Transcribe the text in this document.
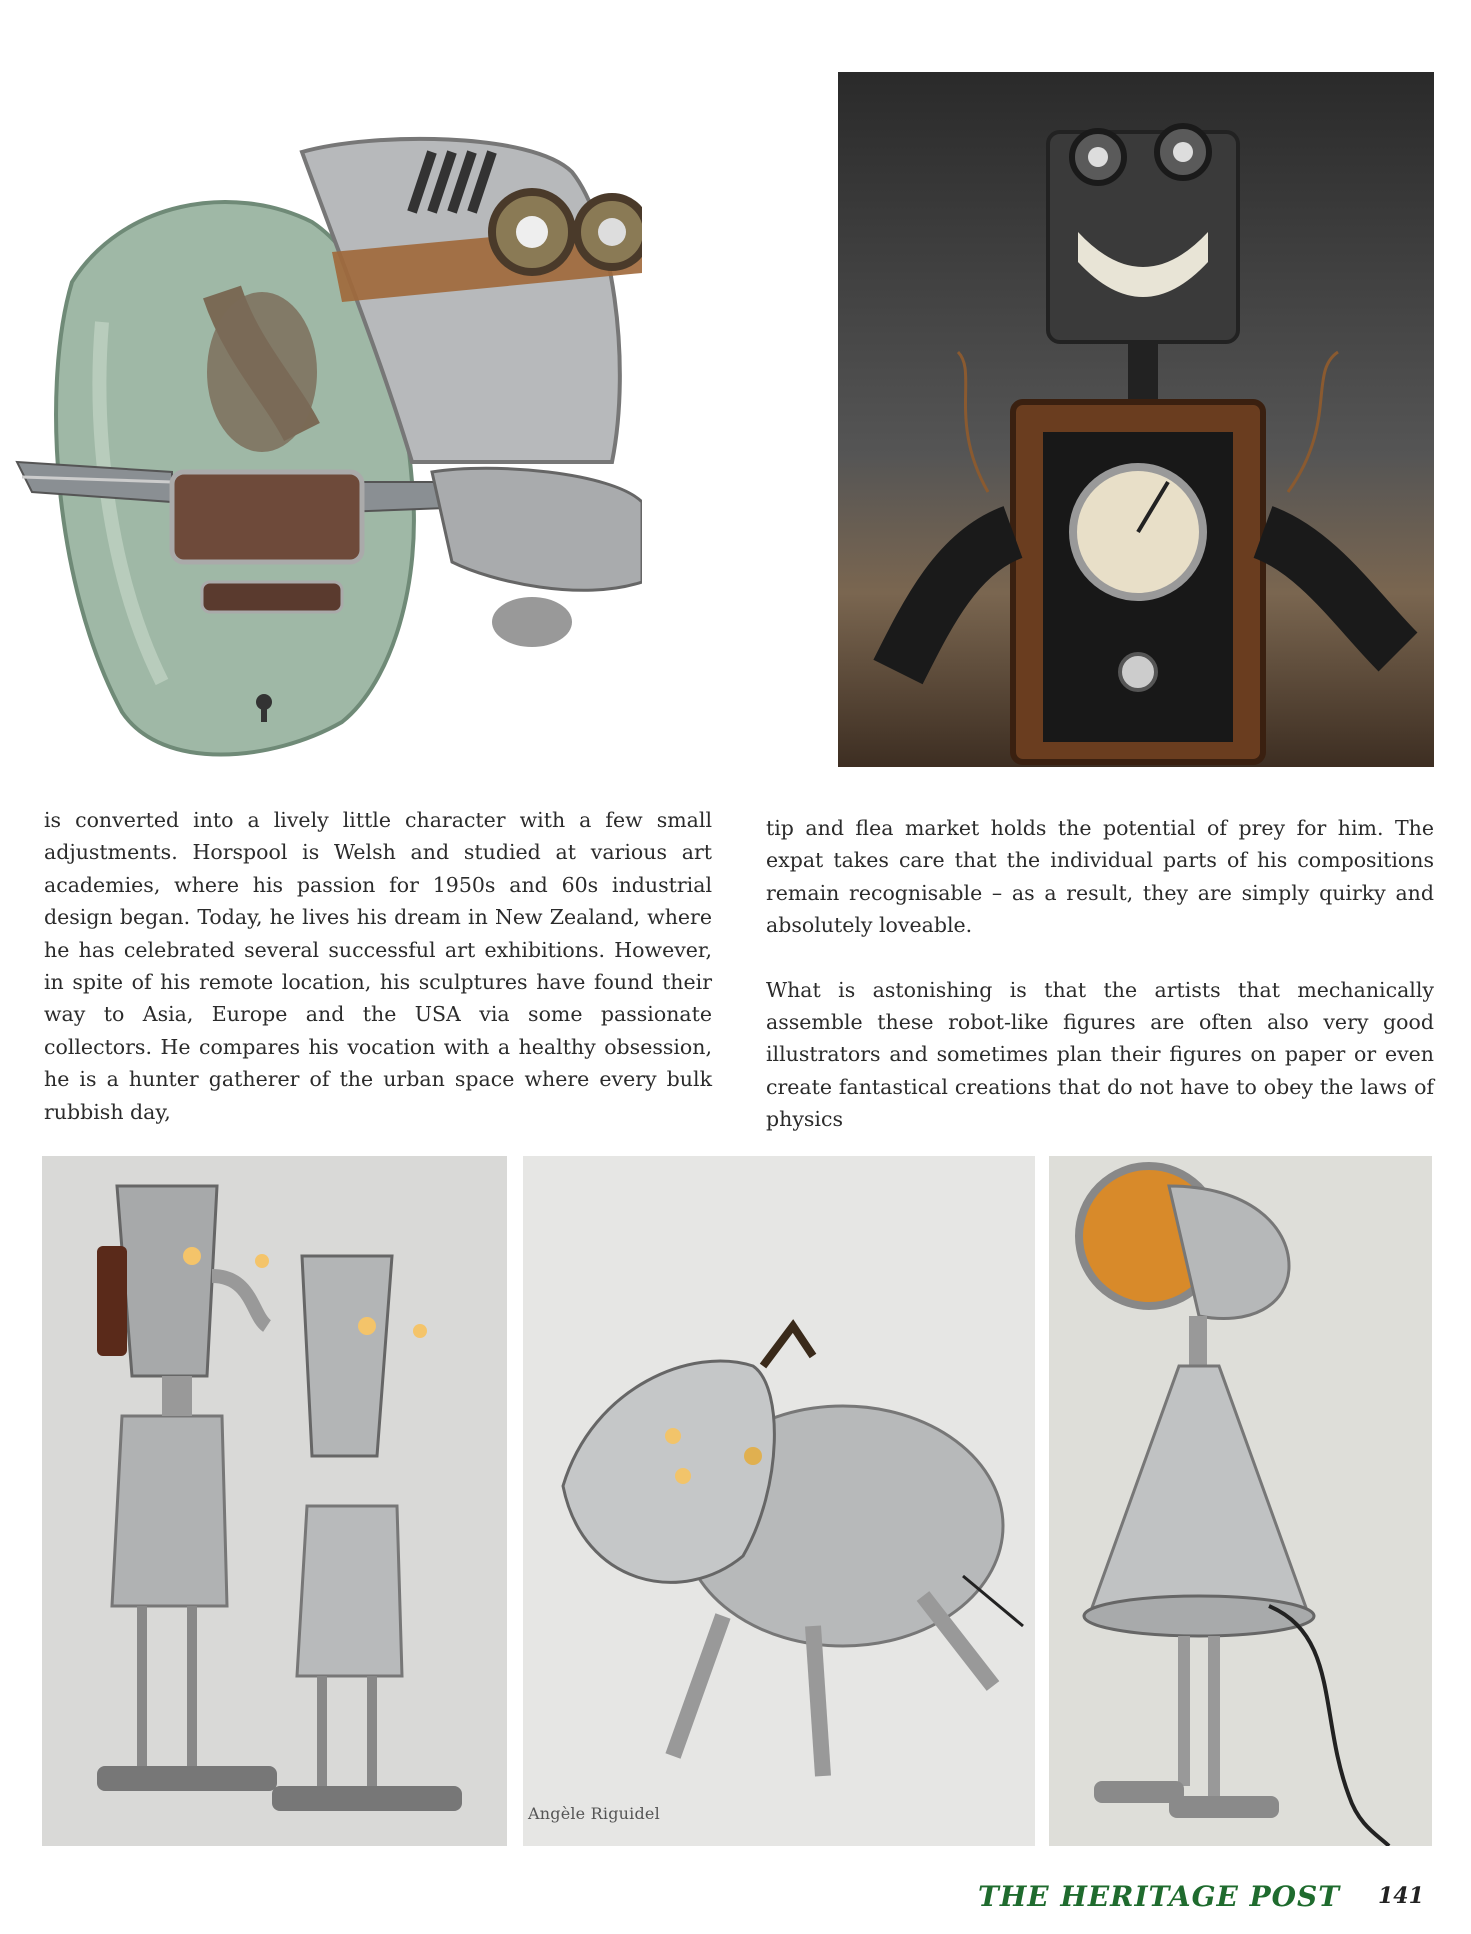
is converted into a lively little character with a few small adjustments. Horspool is Welsh and studied at various art academies, where his passion for 1950s and 60s industrial design began. Today, he lives his dream in New Zealand, where he has celebrated several successful art exhibitions. However, in spite of his remote location, his sculptures have found their way to Asia, Europe and the USA via some passionate collectors. He compares his vocation with a healthy obsession, he is a hunter gatherer of the urban space where every bulk rubbish day,

tip and flea market holds the potential of prey for him. The expat takes care that the individual parts of his compositions remain recognisable – as a result, they are simply quirky and absolutely loveable.

What is astonishing is that the artists that mechanically assemble these robot-like figures are often also very good illustrators and sometimes plan their figures on paper or even create fantastical creations that do not have to obey the laws of physics

Angèle Riguidel
THE HERITAGE POST 141
